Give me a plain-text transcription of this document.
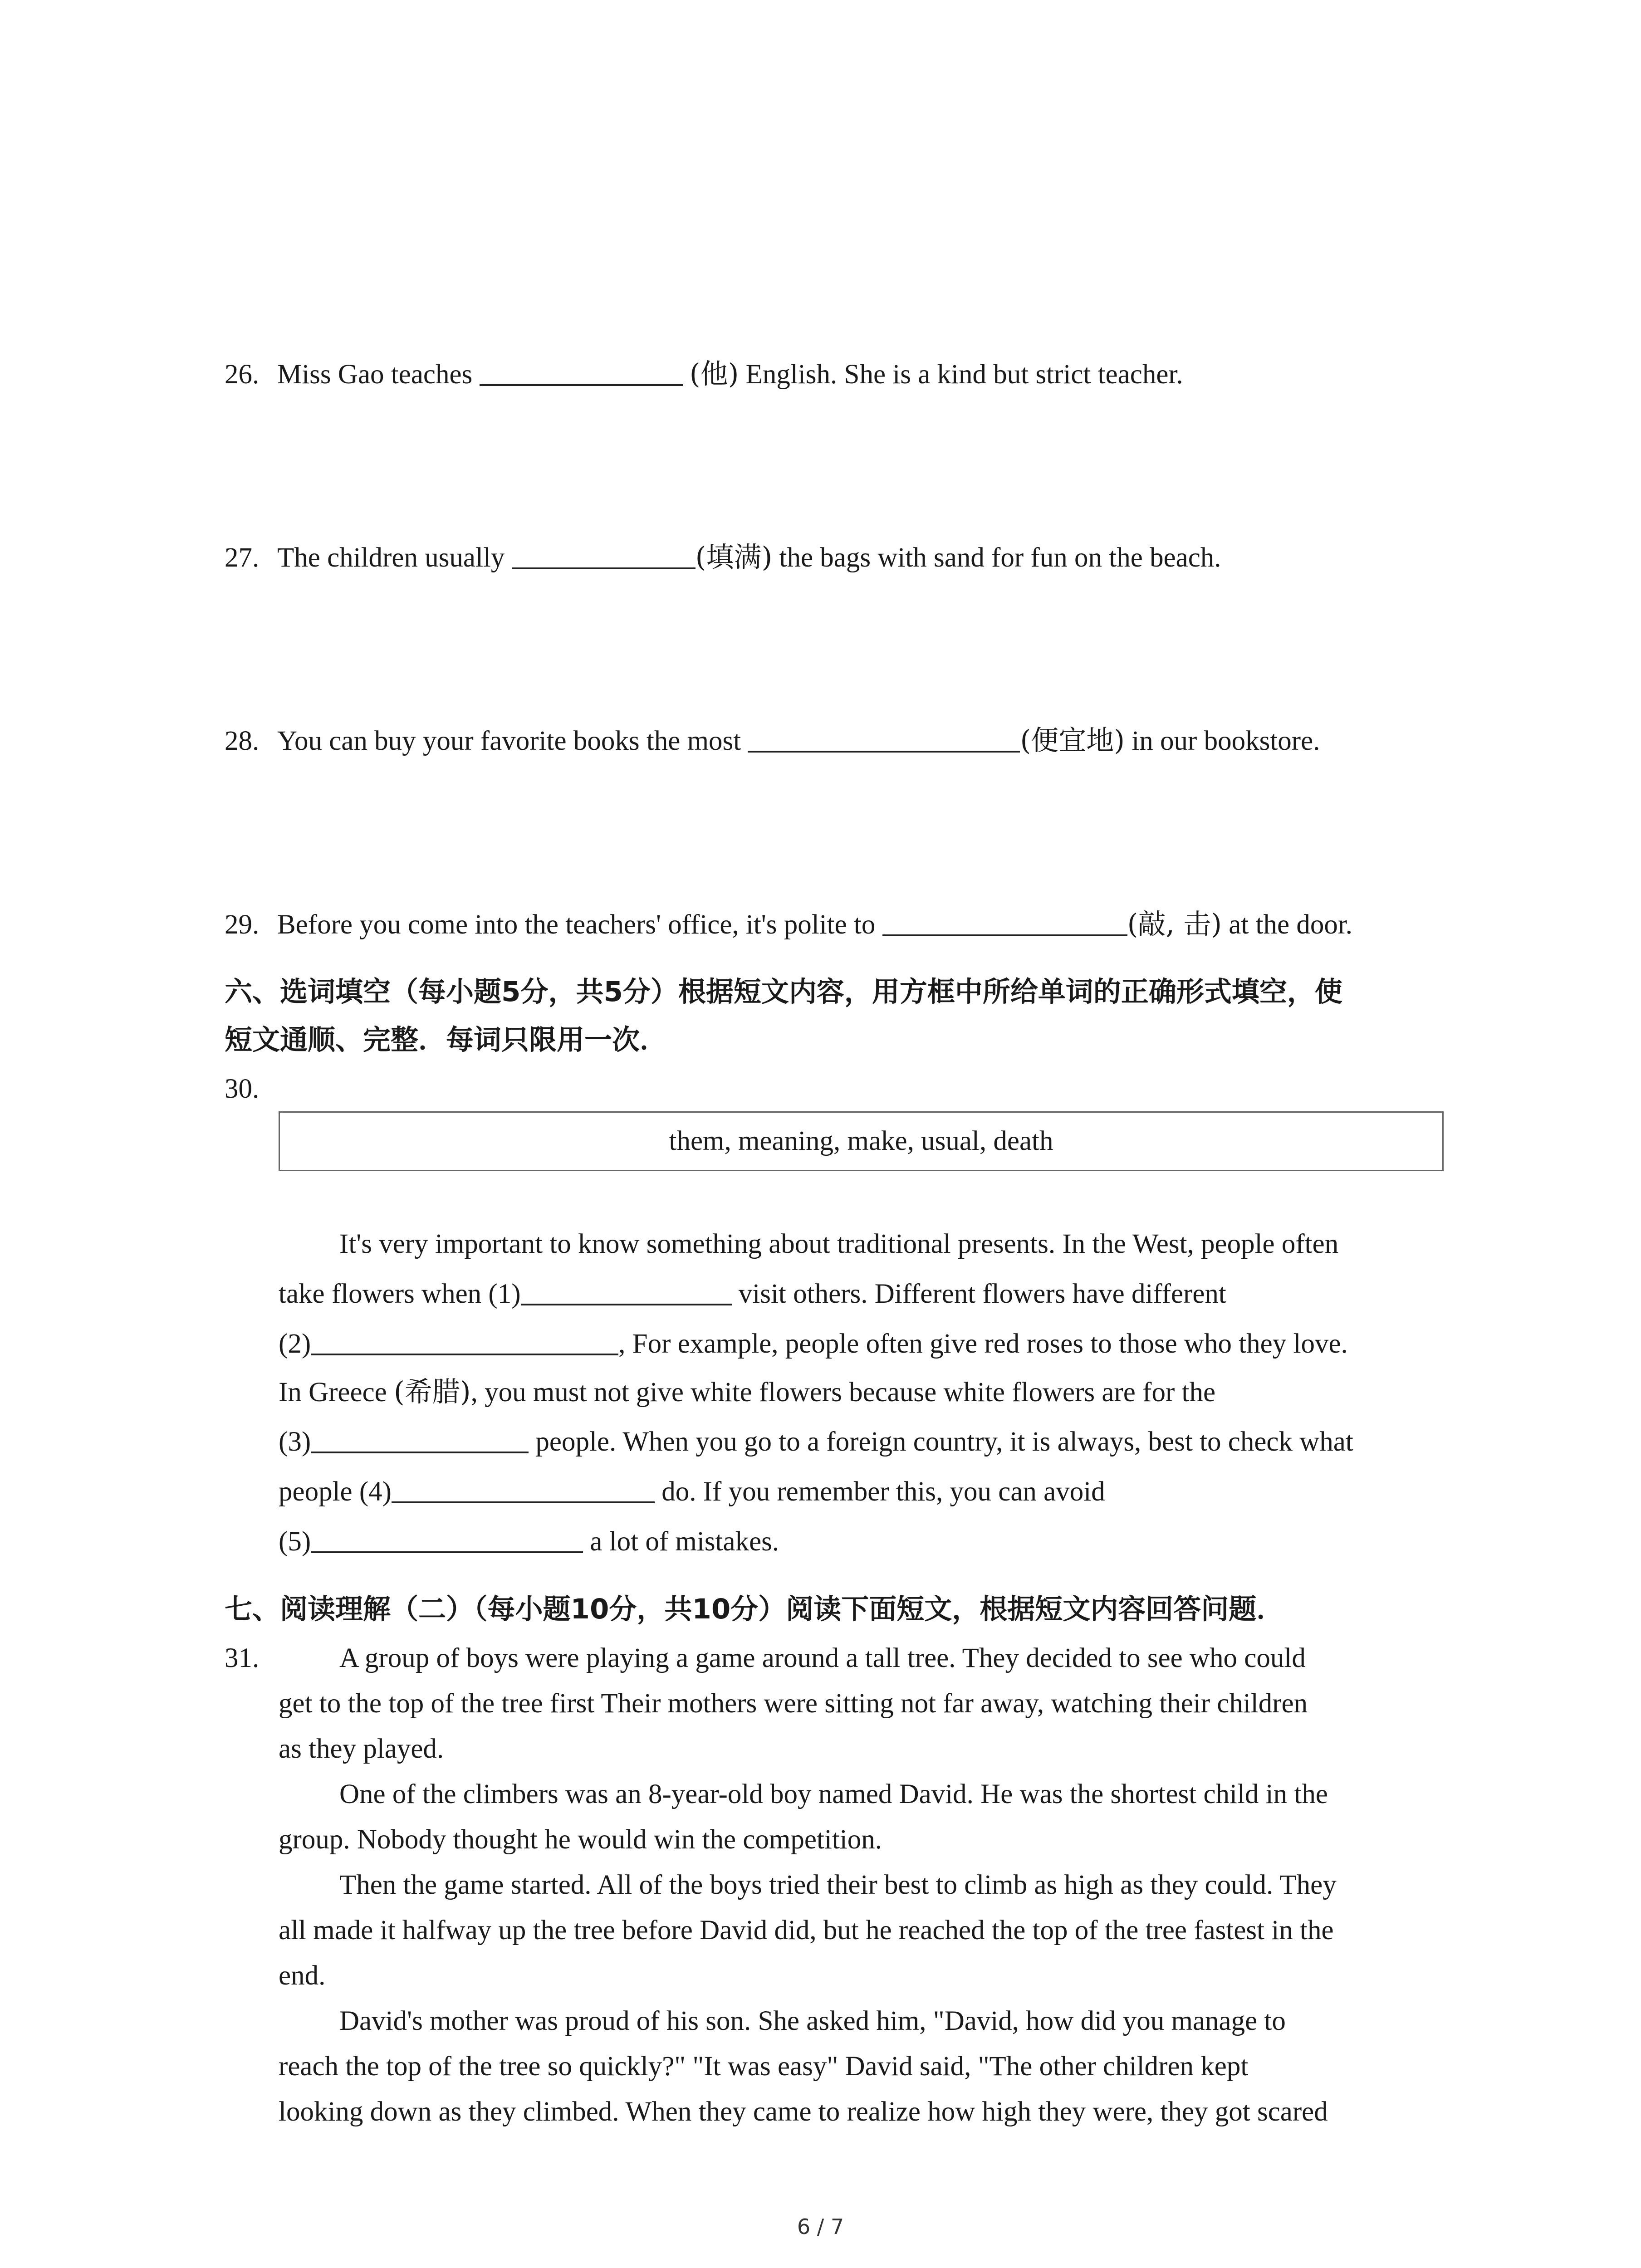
26. Miss Gao teaches	(他) English. She is a kind but strict teacher.
27. The children usually	(填满) the bags with sand for fun on the beach.
28. You can buy your favorite books the most	(便宜地) in our bookstore.
29. Before you come into the teachers' office, it's polite to	(敲, 击) at the door.
六、选词填空（每小题5分，共5分）根据短文内容，用方框中所给单词的正确形式填空，使
短文通顺、完整．每词只限用一次．
30.
them, meaning, make, usual, death
It's very important to know something about traditional presents. In the West, people often
take flowers when (1)	visit others. Different flowers have different
(2)	, For example, people often give red roses to those who they love.
In Greece (希腊), you must not give white flowers because white flowers are for the
(3)	people. When you go to a foreign country, it is always, best to check what
people (4)	do. If you remember this, you can avoid
(5)	a lot of mistakes.
七、阅读理解（二）（每小题10分，共10分）阅读下面短文，根据短文内容回答问题．
31.	A group of boys were playing a game around a tall tree. They decided to see who could
get to the top of the tree first Their mothers were sitting not far away, watching their children
as they played.
One of the climbers was an 8-year-old boy named David. He was the shortest child in the
group. Nobody thought he would win the competition.
Then the game started. All of the boys tried their best to climb as high as they could. They
all made it halfway up the tree before David did, but he reached the top of the tree fastest in the
end.
David's mother was proud of his son. She asked him, "David, how did you manage to
reach the top of the tree so quickly?" "It was easy" David said, "The other children kept
looking down as they climbed. When they came to realize how high they were, they got scared
6 / 7
